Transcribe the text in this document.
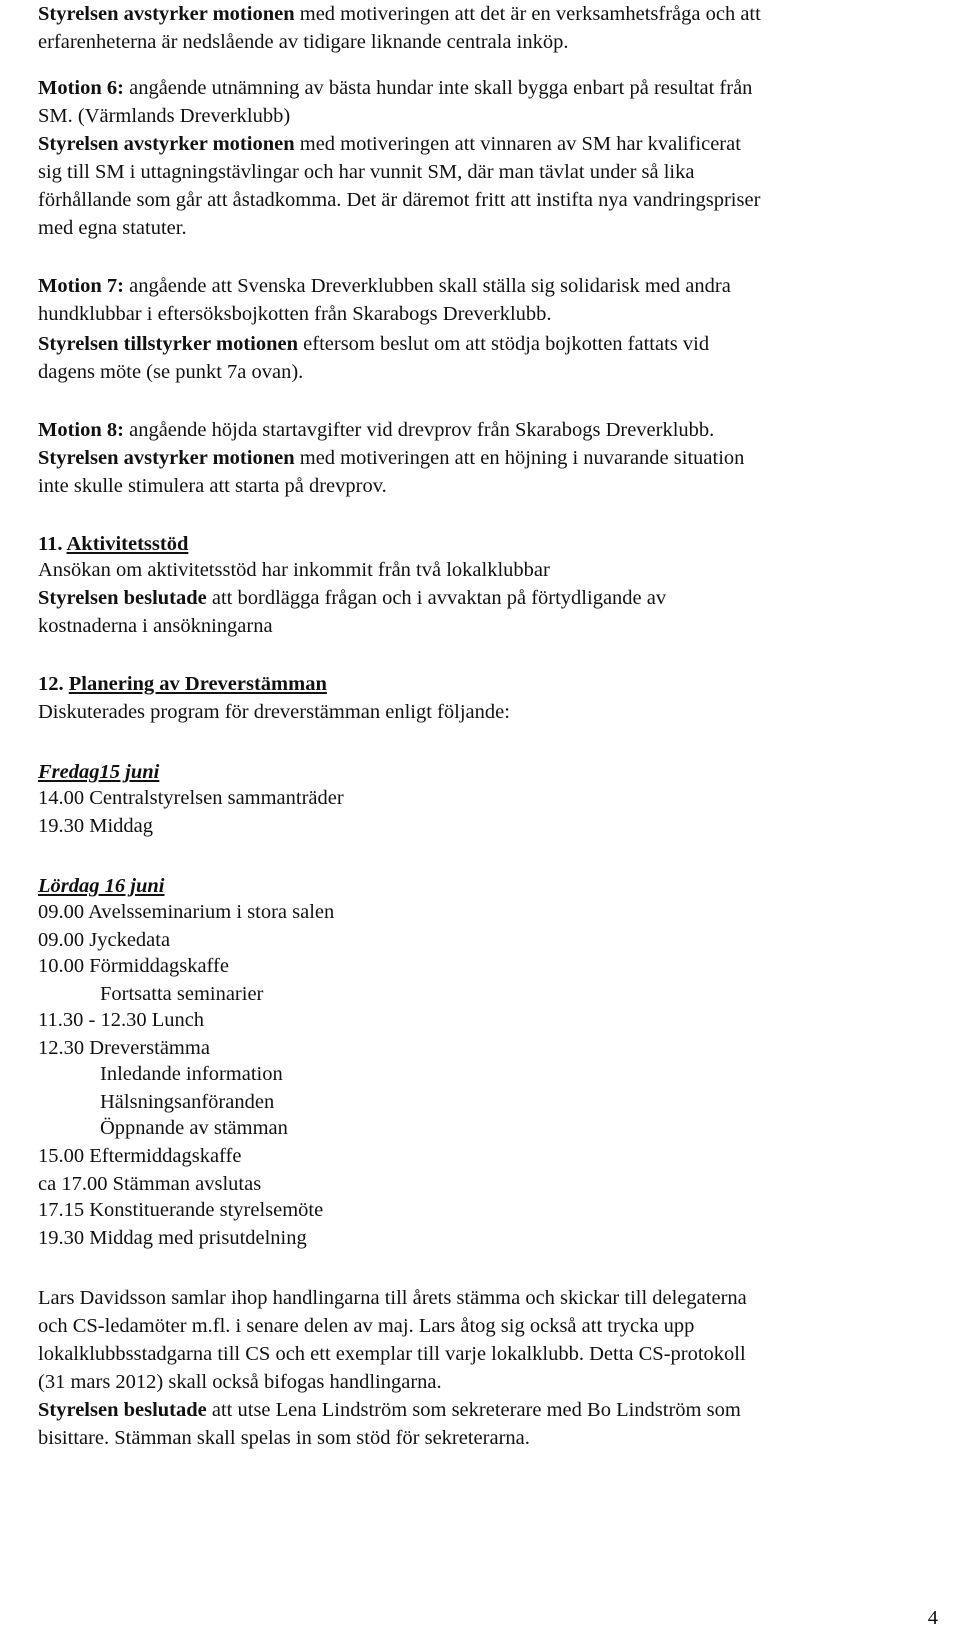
Styrelsen avstyrker motionen med motiveringen att det är en verksamhetsfråga och att
erfarenheterna är nedslående av tidigare liknande centrala inköp.
Motion 6: angående utnämning av bästa hundar inte skall bygga enbart på resultat från
SM. (Värmlands Dreverklubb)
Styrelsen avstyrker motionen med motiveringen att vinnaren av SM har kvalificerat
sig till SM i uttagningstävlingar och har vunnit SM, där man tävlat under så lika
förhållande som går att åstadkomma. Det är däremot fritt att instifta nya vandringspriser
med egna statuter.
Motion 7: angående att Svenska Dreverklubben skall ställa sig solidarisk med andra
hundklubbar i eftersöksbojkotten från Skarabogs Dreverklubb.
Styrelsen tillstyrker motionen eftersom beslut om att stödja bojkotten fattats vid
dagens möte (se punkt 7a ovan).
Motion 8: angående höjda startavgifter vid drevprov från Skarabogs Dreverklubb.
Styrelsen avstyrker motionen med motiveringen att en höjning i nuvarande situation
inte skulle stimulera att starta på drevprov.
11. Aktivitetsstöd
Ansökan om aktivitetsstöd har inkommit från två lokalklubbar
Styrelsen beslutade att bordlägga frågan och i avvaktan på förtydligande av
kostnaderna i ansökningarna
12. Planering av Dreverstämman
Diskuterades program för dreverstämman enligt följande:
Fredag15 juni
14.00 Centralstyrelsen sammanträder
19.30 Middag
Lördag 16 juni
09.00 Avelsseminarium i stora salen
09.00 Jyckedata
10.00 Förmiddagskaffe
Fortsatta seminarier
11.30 - 12.30 Lunch
12.30 Dreverstämma
Inledande information
Hälsningsanföranden
Öppnande av stämman
15.00 Eftermiddagskaffe
ca 17.00 Stämman avslutas
17.15 Konstituerande styrelsemöte
19.30 Middag med prisutdelning
Lars Davidsson samlar ihop handlingarna till årets stämma och skickar till delegaterna
och CS-ledamöter m.fl. i senare delen av maj. Lars åtog sig också att trycka upp
lokalklubbsstadgarna till CS och ett exemplar till varje lokalklubb. Detta CS-protokoll
(31 mars 2012) skall också bifogas handlingarna.
Styrelsen beslutade att utse Lena Lindström som sekreterare med Bo Lindström som
bisittare. Stämman skall spelas in som stöd för sekreterarna.
4
